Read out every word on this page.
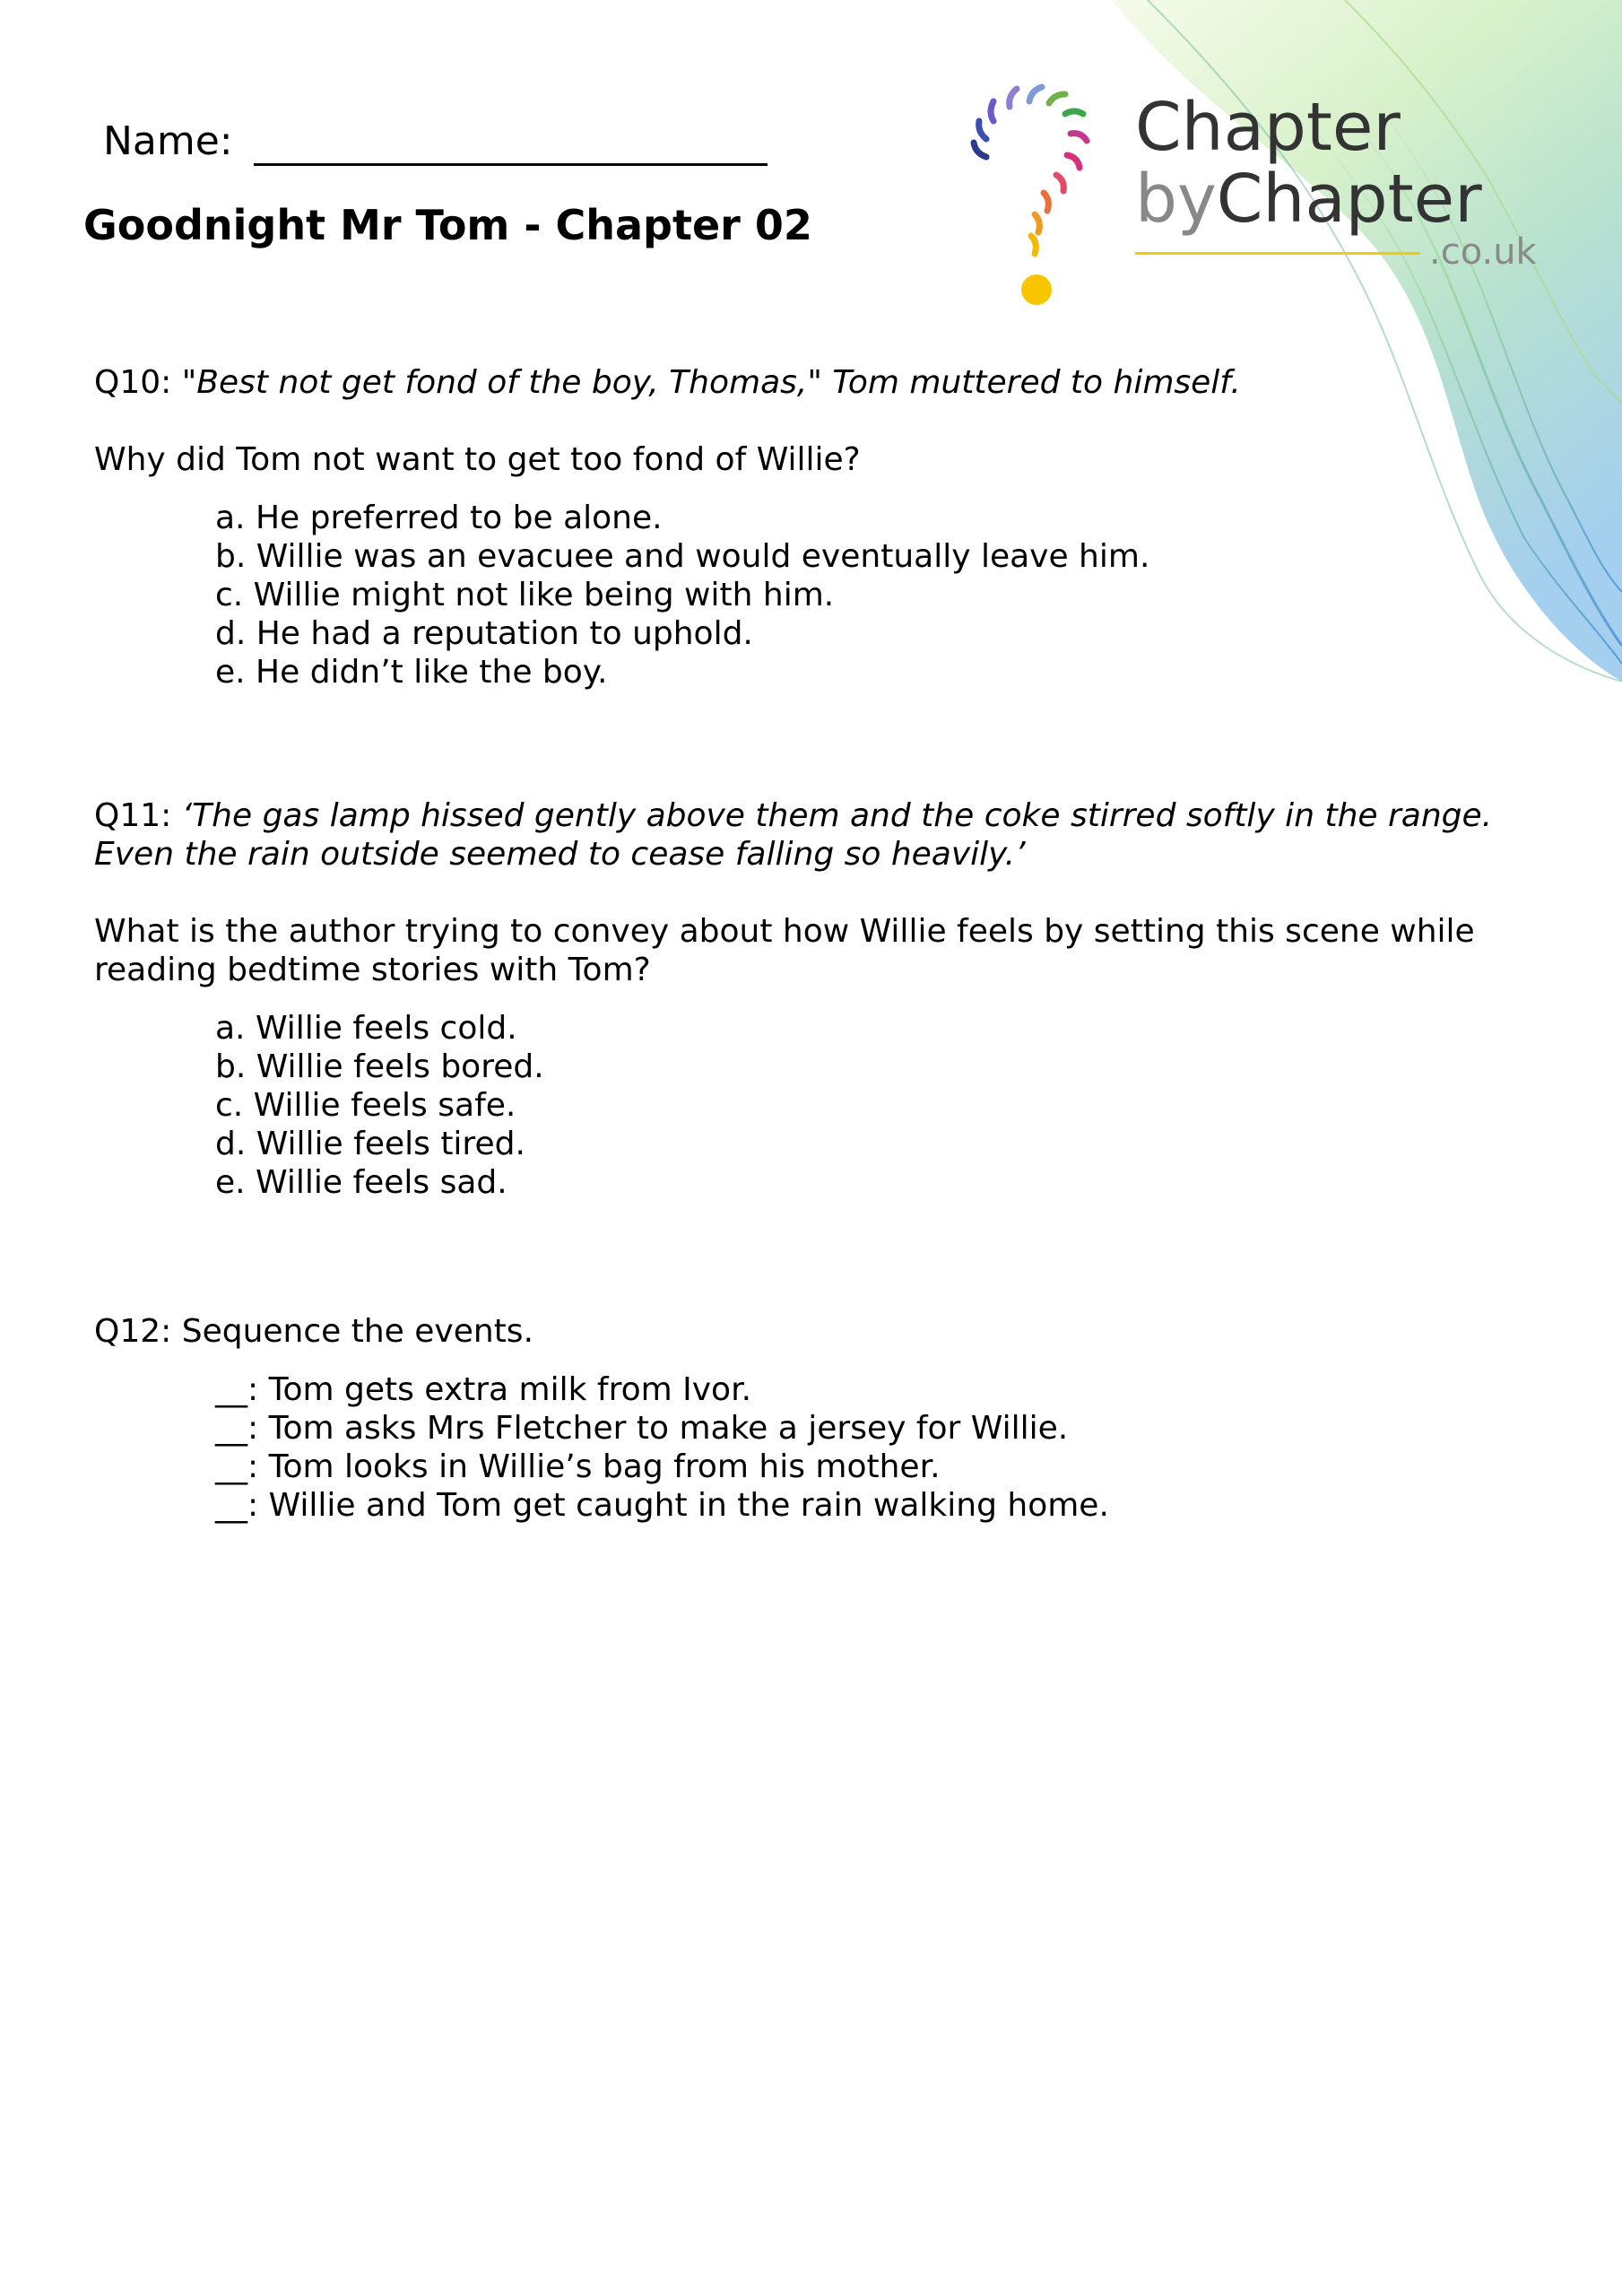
Chapter
byChapter
.co.uk
Name:
Goodnight Mr Tom - Chapter 02

Q10: "Best not get fond of the boy, Thomas," Tom muttered to himself.

Why did Tom not want to get too fond of Willie?

a. He preferred to be alone.
b. Willie was an evacuee and would eventually leave him.
c. Willie might not like being with him.
d. He had a reputation to uphold.
e. He didn’t like the boy.

Q11: ‘The gas lamp hissed gently above them and the coke stirred softly in the range.

Even the rain outside seemed to cease falling so heavily.’

What is the author trying to convey about how Willie feels by setting this scene while

reading bedtime stories with Tom?

a. Willie feels cold.
b. Willie feels bored.
c. Willie feels safe.
d. Willie feels tired.
e. Willie feels sad.

Q12: Sequence the events.

__: Tom gets extra milk from Ivor.
__: Tom asks Mrs Fletcher to make a jersey for Willie.
__: Tom looks in Willie’s bag from his mother.
__: Willie and Tom get caught in the rain walking home.
